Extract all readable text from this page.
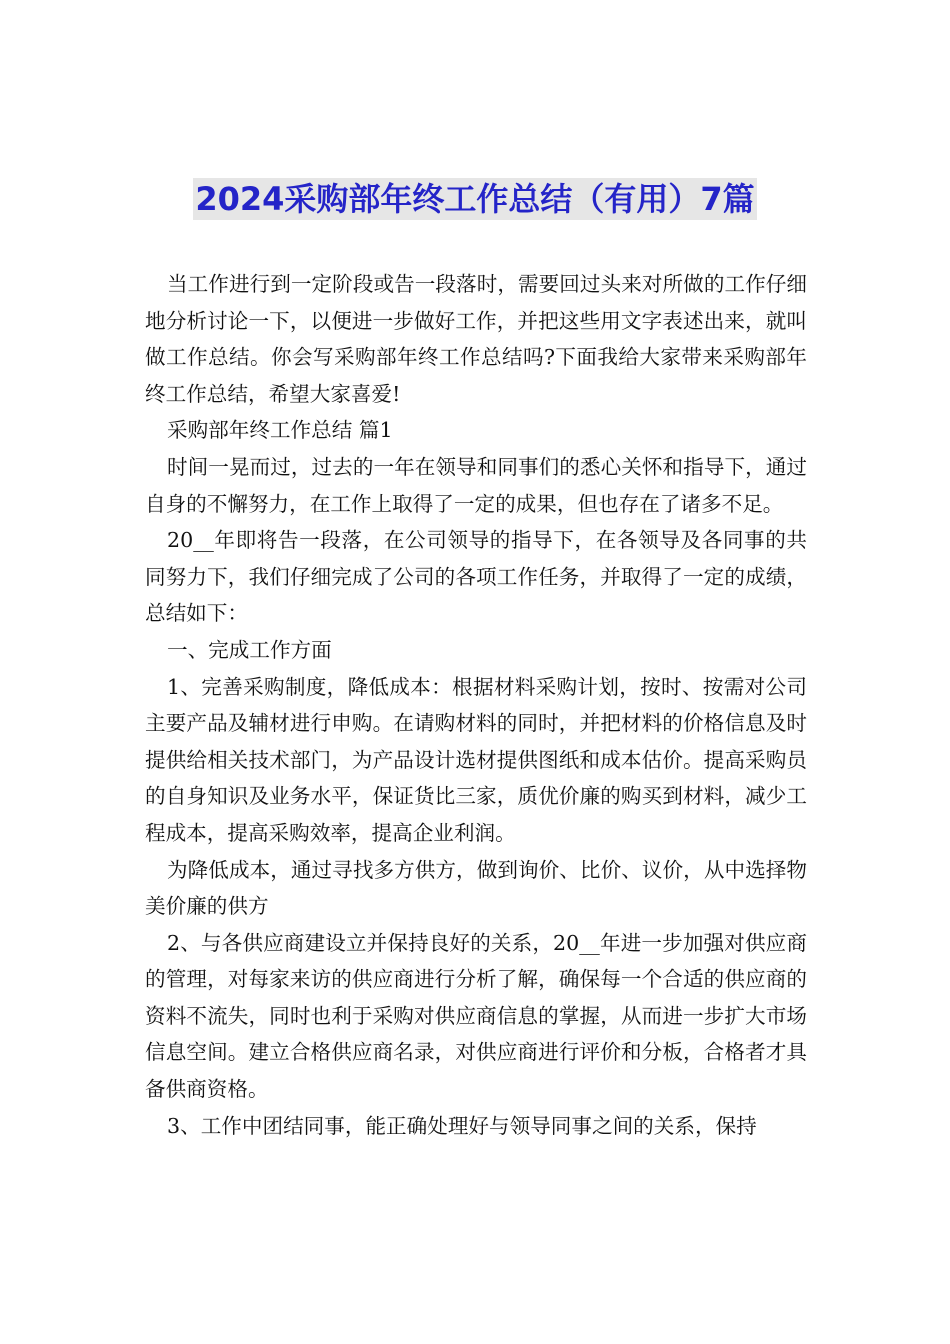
2024采购部年终工作总结（有用）7篇

当工作进行到一定阶段或告一段落时，需要回过头来对所做的工作仔细地分析讨论一下，以便进一步做好工作，并把这些用文字表述出来，就叫做工作总结。你会写采购部年终工作总结吗?下面我给大家带来采购部年终工作总结，希望大家喜爱!

采购部年终工作总结 篇1

时间一晃而过，过去的一年在领导和同事们的悉心关怀和指导下，通过自身的不懈努力，在工作上取得了一定的成果，但也存在了诸多不足。

20__年即将告一段落，在公司领导的指导下，在各领导及各同事的共同努力下，我们仔细完成了公司的各项工作任务，并取得了一定的成绩，总结如下：

一、完成工作方面

1、完善采购制度，降低成本：根据材料采购计划，按时、按需对公司主要产品及辅材进行申购。在请购材料的同时，并把材料的价格信息及时提供给相关技术部门，为产品设计选材提供图纸和成本估价。提高采购员的自身知识及业务水平，保证货比三家，质优价廉的购买到材料，减少工程成本，提高采购效率，提高企业利润。

为降低成本，通过寻找多方供方，做到询价、比价、议价，从中选择物美价廉的供方

2、与各供应商建设立并保持良好的关系，20__年进一步加强对供应商的管理，对每家来访的供应商进行分析了解，确保每一个合适的供应商的资料不流失，同时也利于采购对供应商信息的掌握，从而进一步扩大市场信息空间。建立合格供应商名录，对供应商进行评价和分板，合格者才具备供商资格。

3、工作中团结同事，能正确处理好与领导同事之间的关系，保持
